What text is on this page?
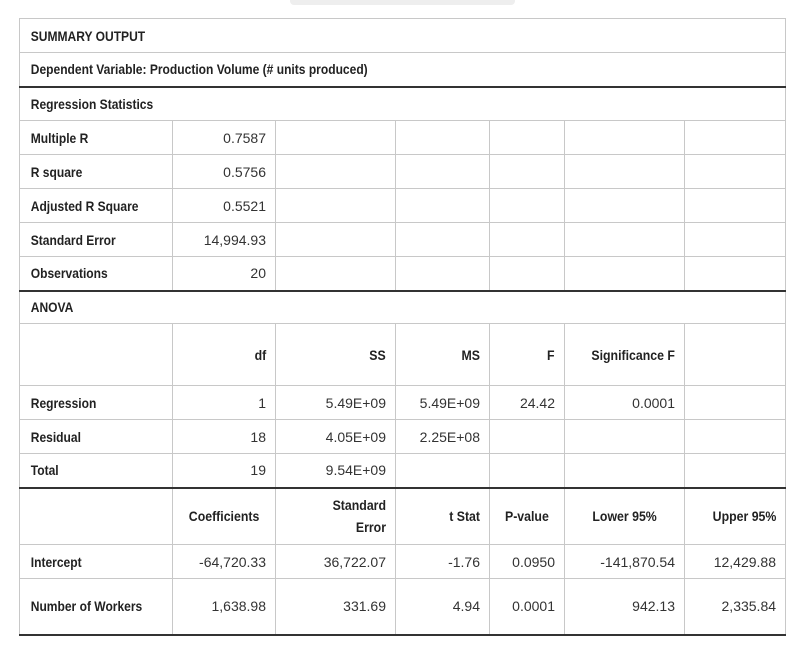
SUMMARY OUTPUT						
Dependent Variable: Production Volume (# units produced)						
Regression Statistics						
Multiple R	0.7587					
R square	0.5756					
Adjusted R Square	0.5521					
Standard Error	14,994.93					
Observations	20					
ANOVA						
	df	SS	MS	F	Significance F	
Regression	1	5.49E+09	5.49E+09	24.42	0.0001	
Residual	18	4.05E+09	2.25E+08			
Total	19	9.54E+09				
	Coefficients	Standard Error	t Stat	P-value	Lower 95%	Upper 95%
Intercept	-64,720.33	36,722.07	-1.76	0.0950	-141,870.54	12,429.88
Number of Workers	1,638.98	331.69	4.94	0.0001	942.13	2,335.84
